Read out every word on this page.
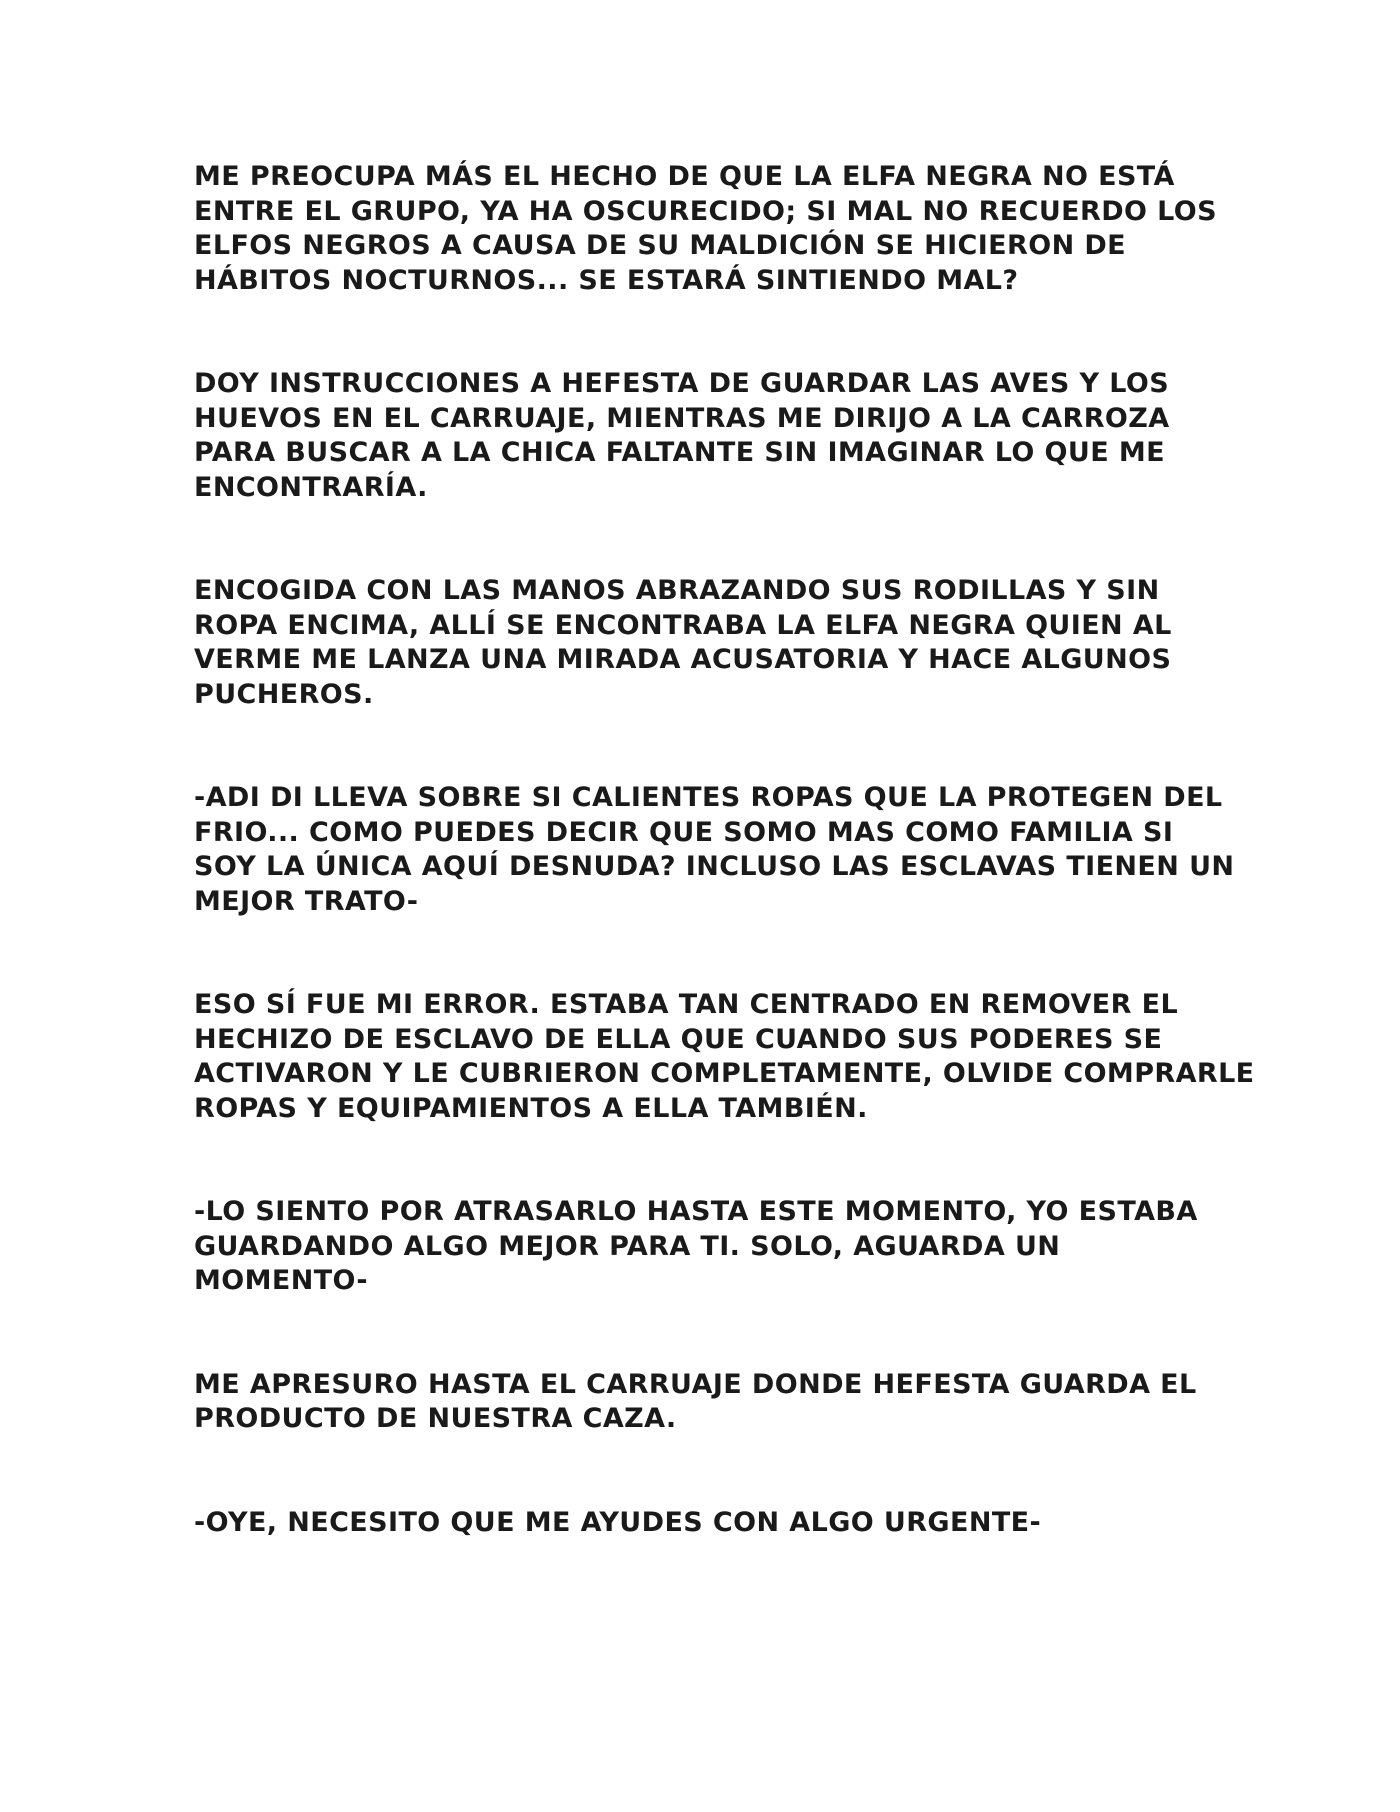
ME PREOCUPA MÁS EL HECHO DE QUE LA ELFA NEGRA NO ESTÁ
ENTRE EL GRUPO, YA HA OSCURECIDO; SI MAL NO RECUERDO LOS
ELFOS NEGROS A CAUSA DE SU MALDICIÓN SE HICIERON DE
HÁBITOS NOCTURNOS... SE ESTARÁ SINTIENDO MAL?

DOY INSTRUCCIONES A HEFESTA DE GUARDAR LAS AVES Y LOS
HUEVOS EN EL CARRUAJE, MIENTRAS ME DIRIJO A LA CARROZA
PARA BUSCAR A LA CHICA FALTANTE SIN IMAGINAR LO QUE ME
ENCONTRARÍA.

ENCOGIDA CON LAS MANOS ABRAZANDO SUS RODILLAS Y SIN
ROPA ENCIMA, ALLÍ SE ENCONTRABA LA ELFA NEGRA QUIEN AL
VERME ME LANZA UNA MIRADA ACUSATORIA Y HACE ALGUNOS
PUCHEROS.

-ADI DI LLEVA SOBRE SI CALIENTES ROPAS QUE LA PROTEGEN DEL
FRIO... COMO PUEDES DECIR QUE SOMO MAS COMO FAMILIA SI
SOY LA ÚNICA AQUÍ DESNUDA? INCLUSO LAS ESCLAVAS TIENEN UN
MEJOR TRATO-

ESO SÍ FUE MI ERROR. ESTABA TAN CENTRADO EN REMOVER EL
HECHIZO DE ESCLAVO DE ELLA QUE CUANDO SUS PODERES SE
ACTIVARON Y LE CUBRIERON COMPLETAMENTE, OLVIDE COMPRARLE
ROPAS Y EQUIPAMIENTOS A ELLA TAMBIÉN.

-LO SIENTO POR ATRASARLO HASTA ESTE MOMENTO, YO ESTABA
GUARDANDO ALGO MEJOR PARA TI. SOLO, AGUARDA UN
MOMENTO-

ME APRESURO HASTA EL CARRUAJE DONDE HEFESTA GUARDA EL
PRODUCTO DE NUESTRA CAZA.

-OYE, NECESITO QUE ME AYUDES CON ALGO URGENTE-
